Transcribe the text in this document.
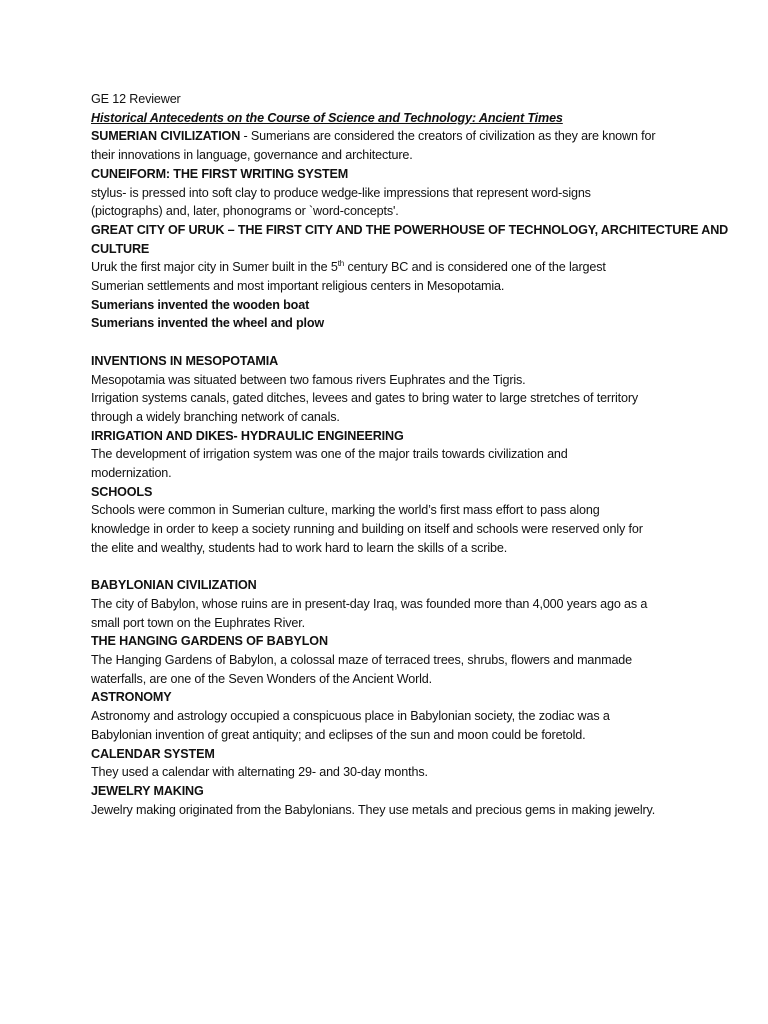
GE 12 Reviewer
Historical Antecedents on the Course of Science and Technology: Ancient Times
SUMERIAN CIVILIZATION - Sumerians are considered the creators of civilization as they are known for
their innovations in language, governance and architecture.
CUNEIFORM: THE FIRST WRITING SYSTEM
stylus- is pressed into soft clay to produce wedge-like impressions that represent word-signs
(pictographs) and, later, phonograms or `word-concepts'.
GREAT CITY OF URUK – THE FIRST CITY AND THE POWERHOUSE OF TECHNOLOGY, ARCHITECTURE AND
CULTURE
Uruk the first major city in Sumer built in the 5th century BC and is considered one of the largest
Sumerian settlements and most important religious centers in Mesopotamia.
Sumerians invented the wooden boat
Sumerians invented the wheel and plow
INVENTIONS IN MESOPOTAMIA
Mesopotamia was situated between two famous rivers Euphrates and the Tigris.
Irrigation systems canals, gated ditches, levees and gates to bring water to large stretches of territory
through a widely branching network of canals.
IRRIGATION AND DIKES- HYDRAULIC ENGINEERING
The development of irrigation system was one of the major trails towards civilization and
modernization.
SCHOOLS
Schools were common in Sumerian culture, marking the world’s first mass effort to pass along
knowledge in order to keep a society running and building on itself and schools were reserved only for
the elite and wealthy, students had to work hard to learn the skills of a scribe.
BABYLONIAN CIVILIZATION
The city of Babylon, whose ruins are in present-day Iraq, was founded more than 4,000 years ago as a
small port town on the Euphrates River.
THE HANGING GARDENS OF BABYLON
The Hanging Gardens of Babylon, a colossal maze of terraced trees, shrubs, flowers and manmade
waterfalls, are one of the Seven Wonders of the Ancient World.
ASTRONOMY
Astronomy and astrology occupied a conspicuous place in Babylonian society, the zodiac was a
Babylonian invention of great antiquity; and eclipses of the sun and moon could be foretold.
CALENDAR SYSTEM
They used a calendar with alternating 29- and 30-day months.
JEWELRY MAKING
Jewelry making originated from the Babylonians. They use metals and precious gems in making jewelry.
